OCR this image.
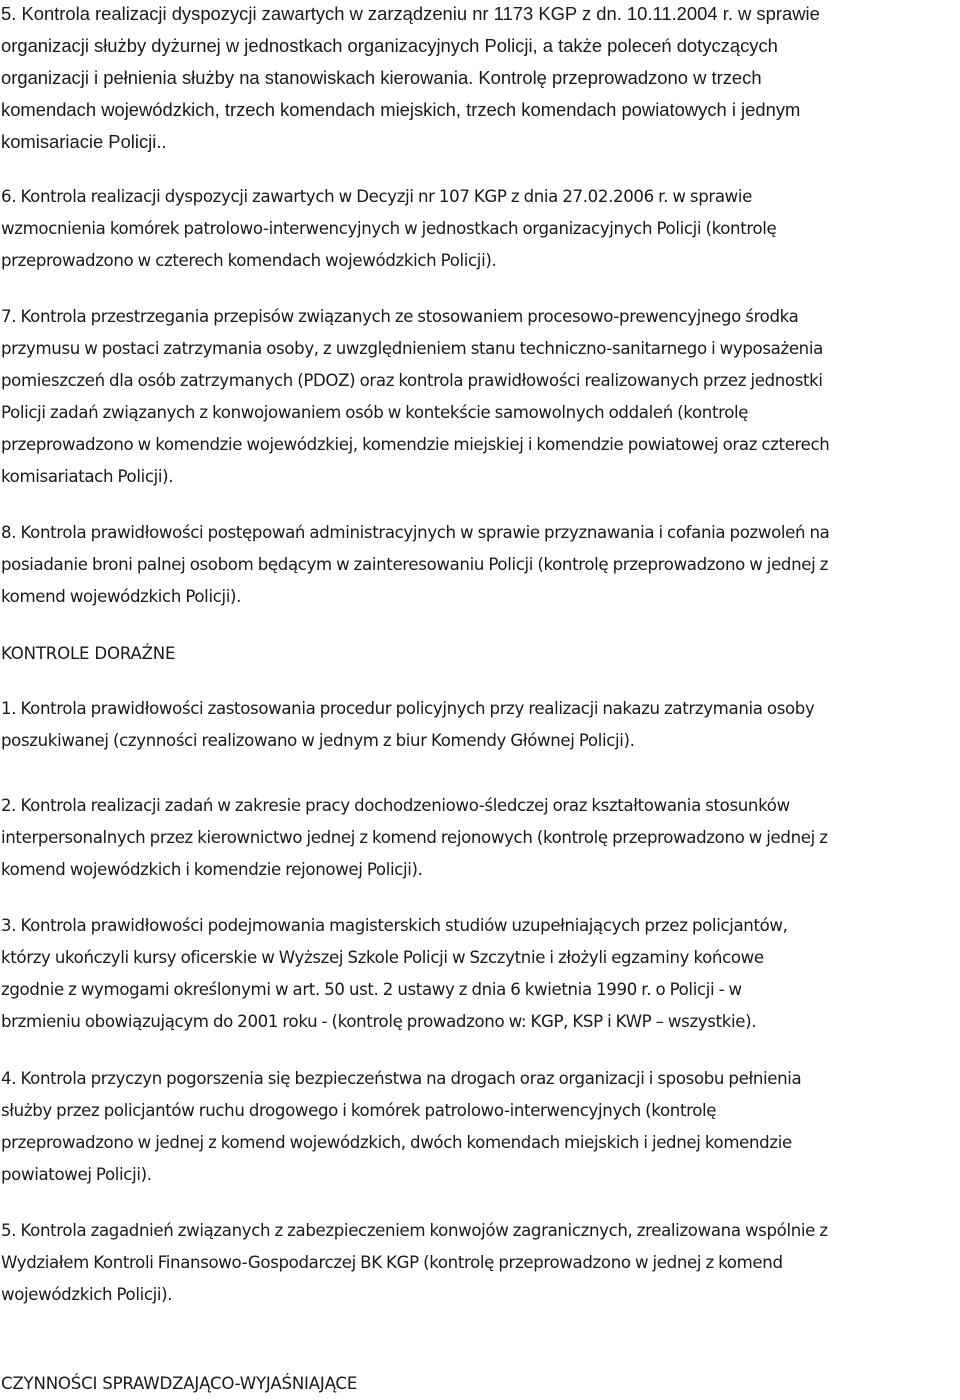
5. Kontrola realizacji dyspozycji zawartych w zarządzeniu nr 1173 KGP z dn. 10.11.2004 r. w sprawie
organizacji służby dyżurnej w jednostkach organizacyjnych Policji, a także poleceń dotyczących
organizacji i pełnienia służby na stanowiskach kierowania. Kontrolę przeprowadzono w trzech
komendach wojewódzkich, trzech komendach miejskich, trzech komendach powiatowych i jednym
komisariacie Policji..
6. Kontrola realizacji dyspozycji zawartych w Decyzji nr 107 KGP z dnia 27.02.2006 r. w sprawie
wzmocnienia komórek patrolowo-interwencyjnych w jednostkach organizacyjnych Policji (kontrolę
przeprowadzono w czterech komendach wojewódzkich Policji).
7. Kontrola przestrzegania przepisów związanych ze stosowaniem procesowo-prewencyjnego środka
przymusu w postaci zatrzymania osoby, z uwzględnieniem stanu techniczno-sanitarnego i wyposażenia
pomieszczeń dla osób zatrzymanych (PDOZ) oraz kontrola prawidłowości realizowanych przez jednostki
Policji zadań związanych z konwojowaniem osób w kontekście samowolnych oddaleń (kontrolę
przeprowadzono w komendzie wojewódzkiej, komendzie miejskiej i komendzie powiatowej oraz czterech
komisariatach Policji).
8. Kontrola prawidłowości postępowań administracyjnych w sprawie przyznawania i cofania pozwoleń na
posiadanie broni palnej osobom będącym w zainteresowaniu Policji (kontrolę przeprowadzono w jednej z
komend wojewódzkich Policji).
KONTROLE DORAŹNE
1. Kontrola prawidłowości zastosowania procedur policyjnych przy realizacji nakazu zatrzymania osoby
poszukiwanej (czynności realizowano w jednym z biur Komendy Głównej Policji).
2. Kontrola realizacji zadań w zakresie pracy dochodzeniowo-śledczej oraz kształtowania stosunków
interpersonalnych przez kierownictwo jednej z komend rejonowych (kontrolę przeprowadzono w jednej z
komend wojewódzkich i komendzie rejonowej Policji).
3. Kontrola prawidłowości podejmowania magisterskich studiów uzupełniających przez policjantów,
którzy ukończyli kursy oficerskie w Wyższej Szkole Policji w Szczytnie i złożyli egzaminy końcowe
zgodnie z wymogami określonymi w art. 50 ust. 2 ustawy z dnia 6 kwietnia 1990 r. o Policji - w
brzmieniu obowiązującym do 2001 roku - (kontrolę prowadzono w: KGP, KSP i KWP – wszystkie).
4. Kontrola przyczyn pogorszenia się bezpieczeństwa na drogach oraz organizacji i sposobu pełnienia
służby przez policjantów ruchu drogowego i komórek patrolowo-interwencyjnych (kontrolę
przeprowadzono w jednej z komend wojewódzkich, dwóch komendach miejskich i jednej komendzie
powiatowej Policji).
5. Kontrola zagadnień związanych z zabezpieczeniem konwojów zagranicznych, zrealizowana wspólnie z
Wydziałem Kontroli Finansowo-Gospodarczej BK KGP (kontrolę przeprowadzono w jednej z komend
wojewódzkich Policji).
CZYNNOŚCI SPRAWDZAJĄCO-WYJAŚNIAJĄCE
